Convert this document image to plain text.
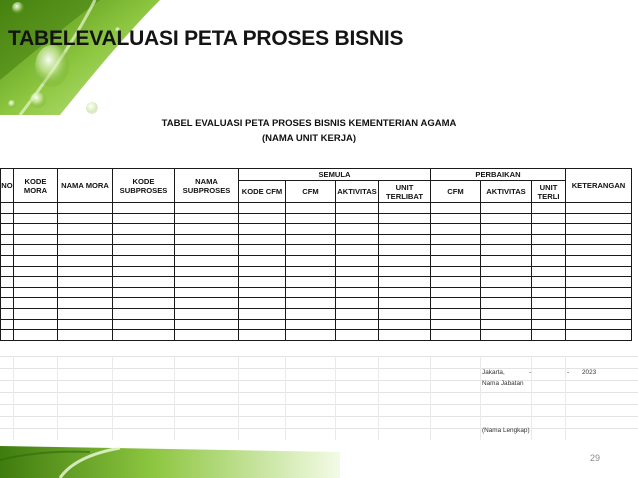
TABELEVALUASI PETA PROSES BISNIS
TABEL EVALUASI PETA PROSES BISNIS KEMENTERIAN AGAMA
(NAMA UNIT KERJA)
NO	KODE MORA	NAMA MORA	KODE SUBPROSES	NAMA SUBPROSES	SEMULA				PERBAIKAN			KETERANGAN
					KODE CFM	CFM	AKTIVITAS	UNIT TERLIBAT	CFM	AKTIVITAS	UNIT TERLI	

Jakarta,	-	- 2023
Nama Jabatan
(Nama Lengkap)
29
